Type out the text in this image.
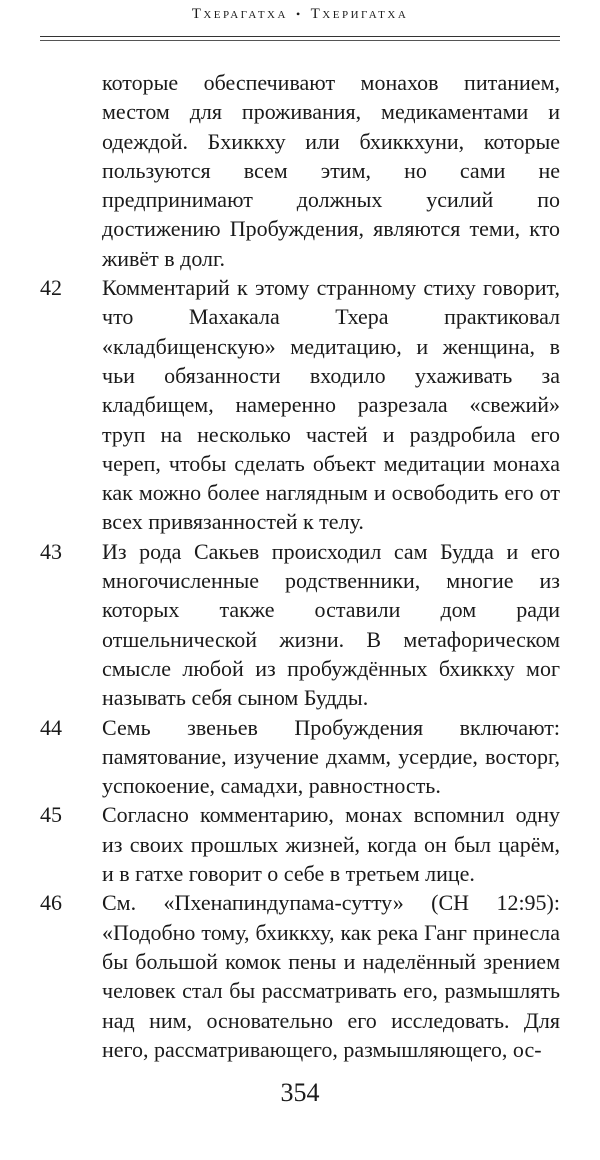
Тхерагатха • Тхеригатха
которые обеспечивают монахов питанием, местом для проживания, медикаментами и одеждой. Бхиккху или бхиккхуни, которые пользуются всем этим, но сами не предпринимают должных усилий по достижению Пробуждения, являются теми, кто живёт в долг.
42	Комментарий к этому странному стиху говорит, что Махакала Тхера практиковал «кладбищенскую» медитацию, и женщина, в чьи обязанности входило ухаживать за кладбищем, намеренно разрезала «свежий» труп на несколько частей и раздробила его череп, чтобы сделать объект медитации монаха как можно более наглядным и освободить его от всех привязанностей к телу.
43	Из рода Сакьев происходил сам Будда и его многочисленные родственники, многие из которых также оставили дом ради отшельнической жизни. В метафорическом смысле любой из пробуждённых бхиккху мог называть себя сыном Будды.
44	Семь звеньев Пробуждения включают: памятование, изучение дхамм, усердие, восторг, успокоение, самадхи, равностность.
45	Согласно комментарию, монах вспомнил одну из своих прошлых жизней, когда он был царём, и в гатхе говорит о себе в третьем лице.
46	См. «Пхенапиндупама-сутту» (СН 12:95): «Подобно тому, бхиккху, как река Ганг принесла бы большой комок пены и наделённый зрением человек стал бы рассматривать его, размышлять над ним, основательно его исследовать. Для него, рассматривающего, размышляющего, ос-
354
